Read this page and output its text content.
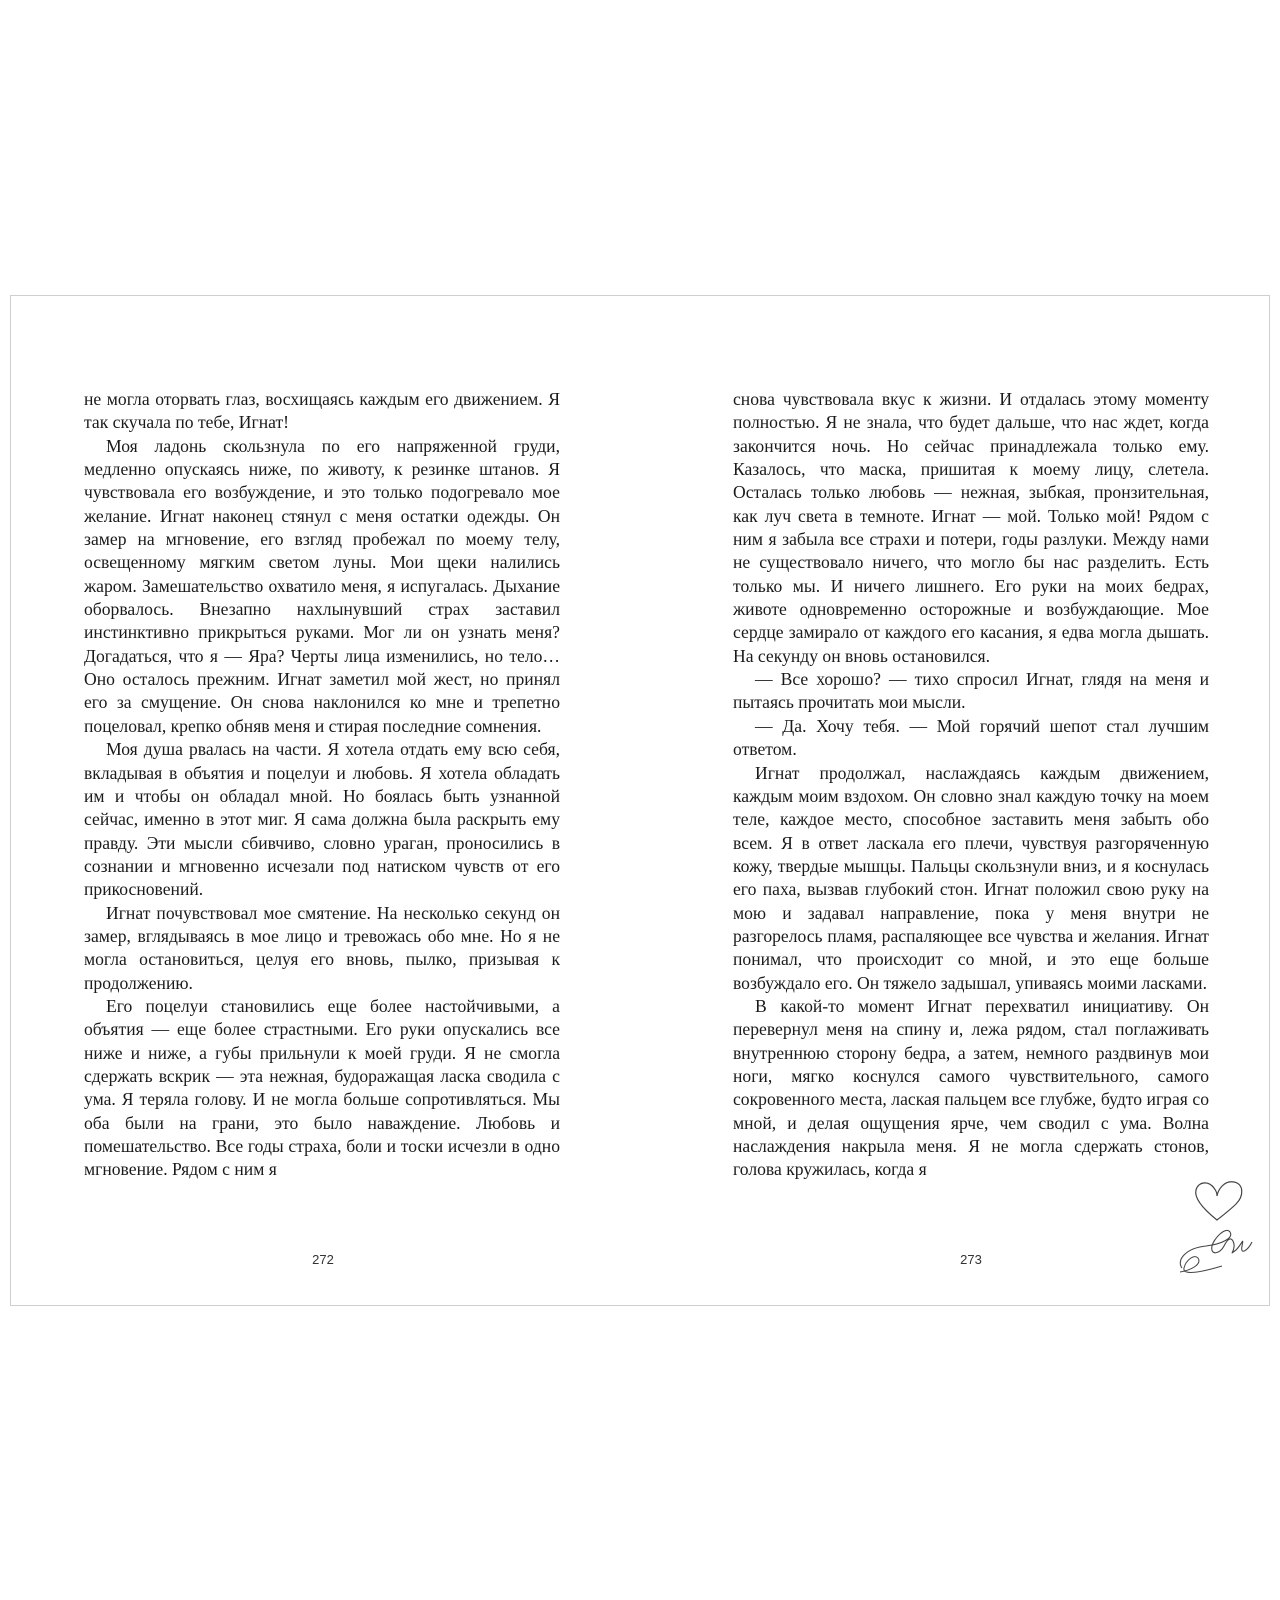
не могла оторвать глаз, восхищаясь каждым его движением. Я так скучала по тебе, Игнат!

Моя ладонь скользнула по его напряженной груди, медленно опускаясь ниже, по животу, к резинке штанов. Я чувствовала его возбуждение, и это только подогревало мое желание. Игнат наконец стянул с меня остатки одежды. Он замер на мгновение, его взгляд пробежал по моему телу, освещенному мягким светом луны. Мои щеки налились жаром. Замешательство охватило меня, я испугалась. Дыхание оборвалось. Внезапно нахлынувший страх заставил инстинктивно прикрыться руками. Мог ли он узнать меня? Догадаться, что я — Яра? Черты лица изменились, но тело… Оно осталось прежним. Игнат заметил мой жест, но принял его за смущение. Он снова наклонился ко мне и трепетно поцеловал, крепко обняв меня и стирая последние сомнения.

Моя душа рвалась на части. Я хотела отдать ему всю себя, вкладывая в объятия и поцелуи и любовь. Я хотела обладать им и чтобы он обладал мной. Но боялась быть узнанной сейчас, именно в этот миг. Я сама должна была раскрыть ему правду. Эти мысли сбивчиво, словно ураган, проносились в сознании и мгновенно исчезали под натиском чувств от его прикосновений.

Игнат почувствовал мое смятение. На несколько секунд он замер, вглядываясь в мое лицо и тревожась обо мне. Но я не могла остановиться, целуя его вновь, пылко, призывая к продолжению.

Его поцелуи становились еще более настойчивыми, а объятия — еще более страстными. Его руки опускались все ниже и ниже, а губы прильнули к моей груди. Я не смогла сдержать вскрик — эта нежная, будоражащая ласка сводила с ума. Я теряла голову. И не могла больше сопротивляться. Мы оба были на грани, это было наваждение. Любовь и помешательство. Все годы страха, боли и тоски исчезли в одно мгновение. Рядом с ним я

272

снова чувствовала вкус к жизни. И отдалась этому моменту полностью. Я не знала, что будет дальше, что нас ждет, когда закончится ночь. Но сейчас принадлежала только ему. Казалось, что маска, пришитая к моему лицу, слетела. Осталась только любовь — нежная, зыбкая, пронзительная, как луч света в темноте. Игнат — мой. Только мой! Рядом с ним я забыла все страхи и потери, годы разлуки. Между нами не существовало ничего, что могло бы нас разделить. Есть только мы. И ничего лишнего. Его руки на моих бедрах, животе одновременно осторожные и возбуждающие. Мое сердце замирало от каждого его касания, я едва могла дышать. На секунду он вновь остановился.

— Все хорошо? — тихо спросил Игнат, глядя на меня и пытаясь прочитать мои мысли.

— Да. Хочу тебя. — Мой горячий шепот стал лучшим ответом.

Игнат продолжал, наслаждаясь каждым движением, каждым моим вздохом. Он словно знал каждую точку на моем теле, каждое место, способное заставить меня забыть обо всем. Я в ответ ласкала его плечи, чувствуя разгоряченную кожу, твердые мышцы. Пальцы скользнули вниз, и я коснулась его паха, вызвав глубокий стон. Игнат положил свою руку на мою и задавал направление, пока у меня внутри не разгорелось пламя, распаляющее все чувства и желания. Игнат понимал, что происходит со мной, и это еще больше возбуждало его. Он тяжело задышал, упиваясь моими ласками.

В какой-то момент Игнат перехватил инициативу. Он перевернул меня на спину и, лежа рядом, стал поглаживать внутреннюю сторону бедра, а затем, немного раздвинув мои ноги, мягко коснулся самого чувствительного, самого сокровенного места, лаская пальцем все глубже, будто играя со мной, и делая ощущения ярче, чем сводил с ума. Волна наслаждения накрыла меня. Я не могла сдержать стонов, голова кружилась, когда я

273
